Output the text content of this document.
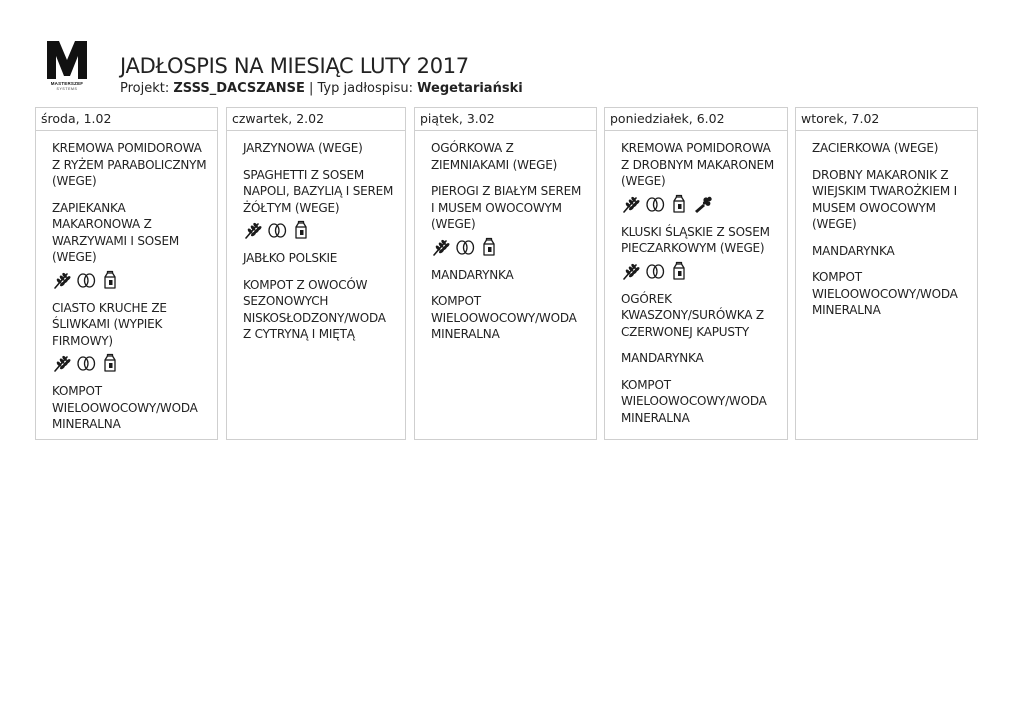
MASTERSZEF
SYSTEMS
JADŁOSPIS NA MIESIĄC LUTY 2017
Projekt: ZSSS_DACSZANSE | Typ jadłospisu: Wegetariański
środa, 1.02
KREMOWA POMIDOROWA Z RYŻEM PARABOLICZNYM (WEGE)
ZAPIEKANKA MAKARONOWA Z WARZYWAMI I SOSEM (WEGE)
CIASTO KRUCHE ZE ŚLIWKAMI (WYPIEK FIRMOWY)
KOMPOT WIELOOWOCOWY/WODA MINERALNA
czwartek, 2.02
JARZYNOWA (WEGE)
SPAGHETTI Z SOSEM NAPOLI, BAZYLIĄ I SEREM ŻÓŁTYM (WEGE)
JABŁKO POLSKIE
KOMPOT Z OWOCÓW SEZONOWYCH NISKOSŁODZONY/WODA Z CYTRYNĄ I MIĘTĄ
piątek, 3.02
OGÓRKOWA Z ZIEMNIAKAMI (WEGE)
PIEROGI Z BIAŁYM SEREM I MUSEM OWOCOWYM (WEGE)
MANDARYNKA
KOMPOT WIELOOWOCOWY/WODA MINERALNA
poniedziałek, 6.02
KREMOWA POMIDOROWA Z DROBNYM MAKARONEM (WEGE)
KLUSKI ŚLĄSKIE Z SOSEM PIECZARKOWYM (WEGE)
OGÓREK KWASZONY/SURÓWKA Z CZERWONEJ KAPUSTY
MANDARYNKA
KOMPOT WIELOOWOCOWY/WODA MINERALNA
wtorek, 7.02
ZACIERKOWA (WEGE)
DROBNY MAKARONIK Z WIEJSKIM TWAROŻKIEM I MUSEM OWOCOWYM (WEGE)
MANDARYNKA
KOMPOT WIELOOWOCOWY/WODA MINERALNA
